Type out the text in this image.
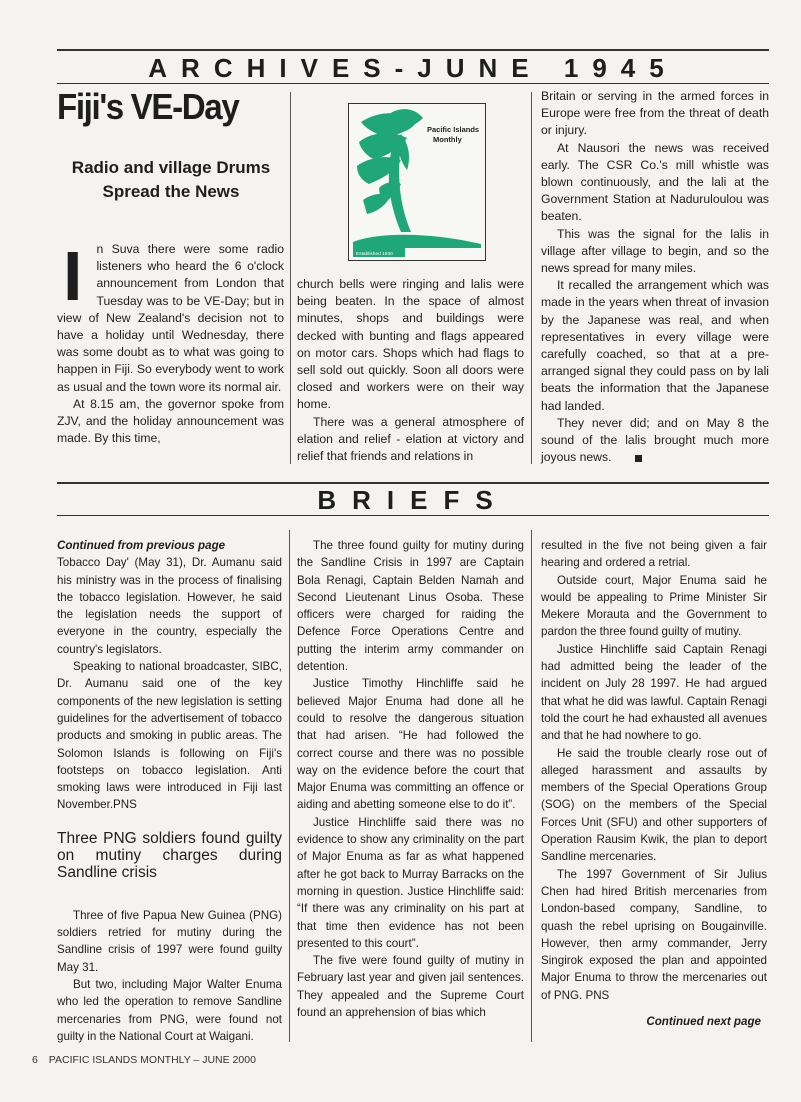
ARCHIVES-JUNE 1945
Fiji's VE-Day
Radio and village Drums
Spread the News
I	n Suva there were some radio listeners who heard the 6 o'clock announcement from London that Tuesday was to be VE-Day; but in view of New Zealand's decision not to have a holiday until Wednesday, there was some doubt as to what was going to happen in Fiji. So everybody went to work as usual and the town wore its normal air.

At 8.15 am, the governor spoke from ZJV, and the holiday announcement was made. By this time,

Pacific Islands
Monthly
Established 1930

church bells were ringing and lalis were being beaten. In the space of almost minutes, shops and buildings were decked with bunting and flags appeared on motor cars. Shops which had flags to sell sold out quickly. Soon all doors were closed and workers were on their way home.

There was a general atmosphere of elation and relief - elation at victory and relief that friends and relations in

Britain or serving in the armed forces in Europe were free from the threat of death or injury.

At Nausori the news was received early. The CSR Co.'s mill whistle was blown continuously, and the lali at the Government Station at Naduruloulou was beaten.

This was the signal for the lalis in village after village to begin, and so the news spread for many miles.

It recalled the arrangement which was made in the years when threat of invasion by the Japanese was real, and when representatives in every village were carefully coached, so that at a pre-arranged signal they could pass on by lali beats the information that the Japanese had landed.

They never did; and on May 8 the sound of the lalis brought much more joyous news.

BRIEFS

Continued from previous page

Tobacco Day' (May 31), Dr. Aumanu said his ministry was in the process of finalising the tobacco legislation. However, he said the legislation needs the support of everyone in the country, especially the country's legislators.

Speaking to national broadcaster, SIBC, Dr. Aumanu said one of the key components of the new legislation is setting guidelines for the advertisement of tobacco products and smoking in public areas. The Solomon Islands is following on Fiji's footsteps on tobacco legislation. Anti smoking laws were introduced in Fiji last November.PNS

Three PNG soldiers found guilty on mutiny charges during Sandline crisis

Three of five Papua New Guinea (PNG) soldiers retried for mutiny during the Sandline crisis of 1997 were found guilty May 31.

But two, including Major Walter Enuma who led the operation to remove Sandline mercenaries from PNG, were found not guilty in the National Court at Waigani.

The three found guilty for mutiny during the Sandline Crisis in 1997 are Captain Bola Renagi, Captain Belden Namah and Second Lieutenant Linus Osoba. These officers were charged for raiding the Defence Force Operations Centre and putting the interim army commander on detention.

Justice Timothy Hinchliffe said he believed Major Enuma had done all he could to resolve the dangerous situation that had arisen. “He had followed the correct course and there was no possible way on the evidence before the court that Major Enuma was committing an offence or aiding and abetting someone else to do it”.

Justice Hinchliffe said there was no evidence to show any criminality on the part of Major Enuma as far as what happened after he got back to Murray Barracks on the morning in question. Justice Hinchliffe said: “If there was any criminality on his part at that time then evidence has not been presented to this court”.

The five were found guilty of mutiny in February last year and given jail sentences. They appealed and the Supreme Court found an apprehension of bias which

resulted in the five not being given a fair hearing and ordered a retrial.

Outside court, Major Enuma said he would be appealing to Prime Minister Sir Mekere Morauta and the Government to pardon the three found guilty of mutiny.

Justice Hinchliffe said Captain Renagi had admitted being the leader of the incident on July 28 1997. He had argued that what he did was lawful. Captain Renagi told the court he had exhausted all avenues and that he had nowhere to go.

He said the trouble clearly rose out of alleged harassment and assaults by members of the Special Operations Group (SOG) on the members of the Special Forces Unit (SFU) and other supporters of Operation Rausim Kwik, the plan to deport Sandline mercenaries.

The 1997 Government of Sir Julius Chen had hired British mercenaries from London-based company, Sandline, to quash the rebel uprising on Bougainville. However, then army commander, Jerry Singirok exposed the plan and appointed Major Enuma to throw the mercenaries out of PNG. PNS

Continued next page

6 PACIFIC ISLANDS MONTHLY – JUNE 2000
